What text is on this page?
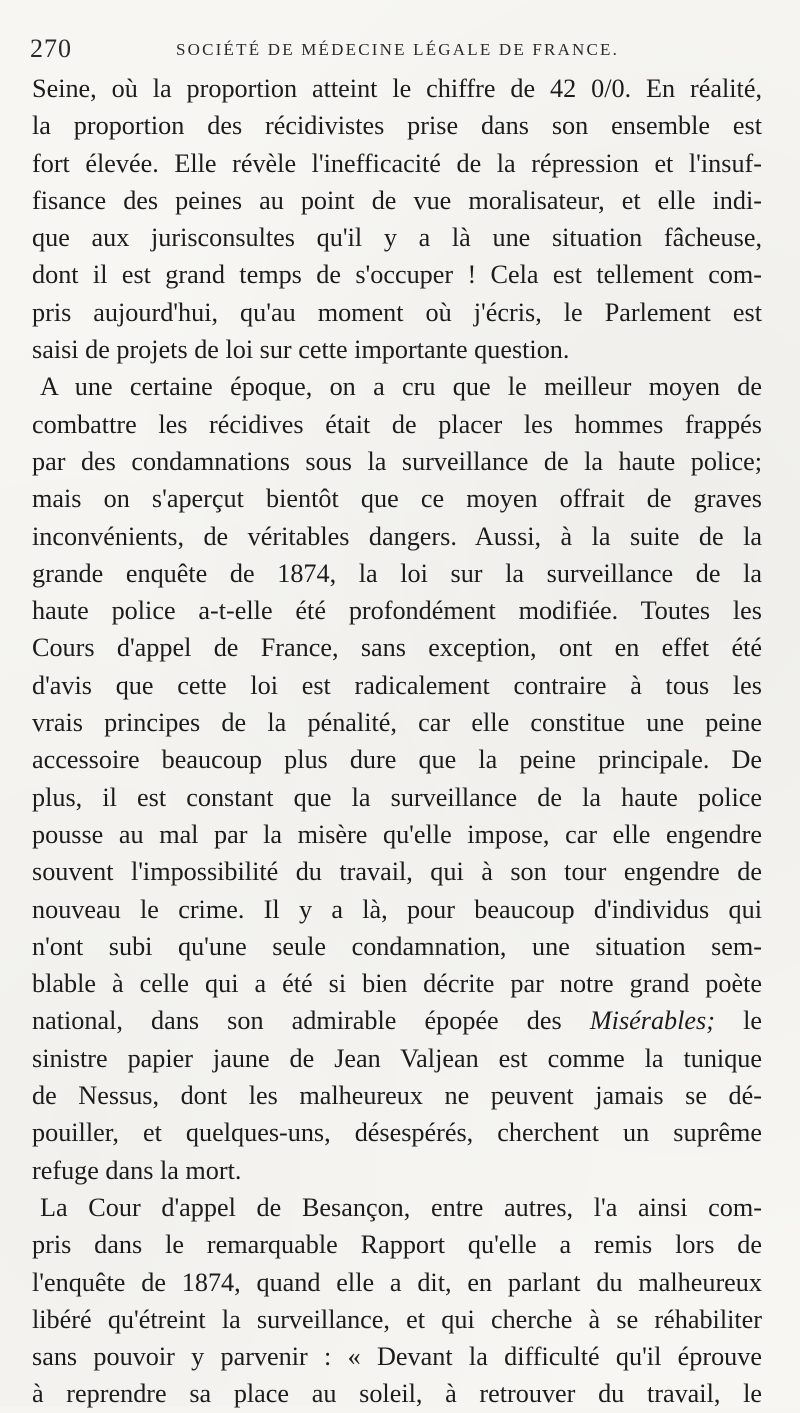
270	SOCIÉTÉ DE MÉDECINE LÉGALE DE FRANCE.
Seine, où la proportion atteint le chiffre de 42 0/0. En réalité,
la proportion des récidivistes prise dans son ensemble est
fort élevée. Elle révèle l'inefficacité de la répression et l'insuf-
fisance des peines au point de vue moralisateur, et elle indi-
que aux jurisconsultes qu'il y a là une situation fâcheuse,
dont il est grand temps de s'occuper ! Cela est tellement com-
pris aujourd'hui, qu'au moment où j'écris, le Parlement est
saisi de projets de loi sur cette importante question.
A une certaine époque, on a cru que le meilleur moyen de
combattre les récidives était de placer les hommes frappés
par des condamnations sous la surveillance de la haute police;
mais on s'aperçut bientôt que ce moyen offrait de graves
inconvénients, de véritables dangers. Aussi, à la suite de la
grande enquête de 1874, la loi sur la surveillance de la
haute police a-t-elle été profondément modifiée. Toutes les
Cours d'appel de France, sans exception, ont en effet été
d'avis que cette loi est radicalement contraire à tous les
vrais principes de la pénalité, car elle constitue une peine
accessoire beaucoup plus dure que la peine principale. De
plus, il est constant que la surveillance de la haute police
pousse au mal par la misère qu'elle impose, car elle engendre
souvent l'impossibilité du travail, qui à son tour engendre de
nouveau le crime. Il y a là, pour beaucoup d'individus qui
n'ont subi qu'une seule condamnation, une situation sem-
blable à celle qui a été si bien décrite par notre grand poète
national, dans son admirable épopée des Misérables; le
sinistre papier jaune de Jean Valjean est comme la tunique
de Nessus, dont les malheureux ne peuvent jamais se dé-
pouiller, et quelques-uns, désespérés, cherchent un suprême
refuge dans la mort.
La Cour d'appel de Besançon, entre autres, l'a ainsi com-
pris dans le remarquable Rapport qu'elle a remis lors de
l'enquête de 1874, quand elle a dit, en parlant du malheureux
libéré qu'étreint la surveillance, et qui cherche à se réhabiliter
sans pouvoir y parvenir : « Devant la difficulté qu'il éprouve
à reprendre sa place au soleil, à retrouver du travail, le
